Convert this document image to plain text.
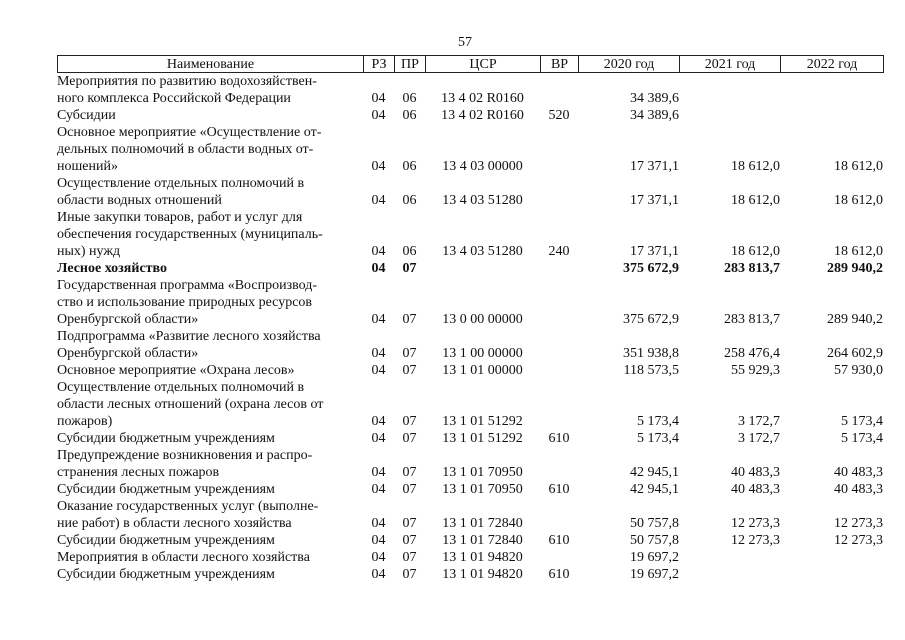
57
Наименование	РЗ	ПР	ЦСР	ВР	2020 год	2021 год	2022 год
Мероприятия по развитию водохозяйствен-
ного комплекса Российской Федерации	04	06	13 4 02 R0160		34 389,6		

Субсидии	04	06	13 4 02 R0160	520	34 389,6		

Основное мероприятие «Осуществление от-
дельных полномочий в области водных от-
ношений»	04	06	13 4 03 00000		17 371,1	18 612,0	18 612,0

Осуществление отдельных полномочий в
области водных отношений	04	06	13 4 03 51280		17 371,1	18 612,0	18 612,0

Иные закупки товаров, работ и услуг для
обеспечения государственных (муниципаль-
ных) нужд	04	06	13 4 03 51280	240	17 371,1	18 612,0	18 612,0

Лесное хозяйство	04	07			375 672,9	283 813,7	289 940,2

Государственная программа «Воспроизвод-
ство и использование природных ресурсов
Оренбургской области»	04	07	13 0 00 00000		375 672,9	283 813,7	289 940,2

Подпрограмма «Развитие лесного хозяйства
Оренбургской области»	04	07	13 1 00 00000		351 938,8	258 476,4	264 602,9

Основное мероприятие «Охрана лесов»	04	07	13 1 01 00000		118 573,5	55 929,3	57 930,0

Осуществление отдельных полномочий в
области лесных отношений (охрана лесов от
пожаров)	04	07	13 1 01 51292		5 173,4	3 172,7	5 173,4

Субсидии бюджетным учреждениям	04	07	13 1 01 51292	610	5 173,4	3 172,7	5 173,4

Предупреждение возникновения и распро-
странения лесных пожаров	04	07	13 1 01 70950		42 945,1	40 483,3	40 483,3

Субсидии бюджетным учреждениям	04	07	13 1 01 70950	610	42 945,1	40 483,3	40 483,3

Оказание государственных услуг (выполне-
ние работ) в области лесного хозяйства	04	07	13 1 01 72840		50 757,8	12 273,3	12 273,3

Субсидии бюджетным учреждениям	04	07	13 1 01 72840	610	50 757,8	12 273,3	12 273,3

Мероприятия в области лесного хозяйства	04	07	13 1 01 94820		19 697,2		

Субсидии бюджетным учреждениям	04	07	13 1 01 94820	610	19 697,2		
